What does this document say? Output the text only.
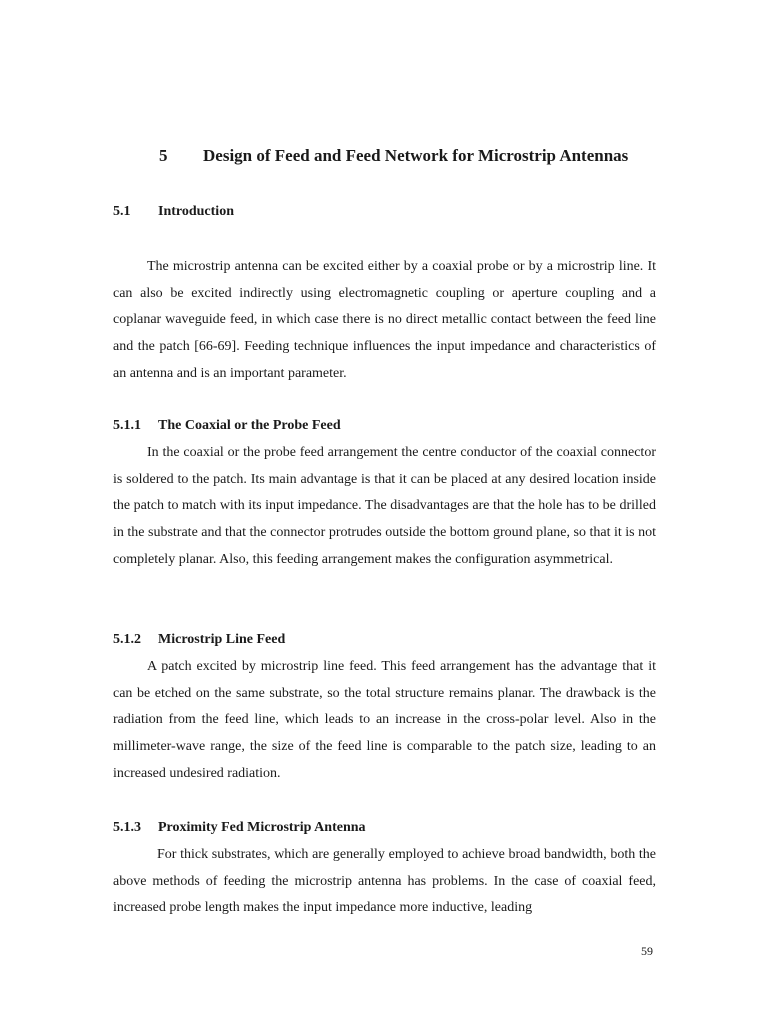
5 Design of Feed and Feed Network for Microstrip Antennas
5.1 Introduction

The microstrip antenna can be excited either by a coaxial probe or by a microstrip line. It can also be excited indirectly using electromagnetic coupling or aperture coupling and a coplanar waveguide feed, in which case there is no direct metallic contact between the feed line and the patch [66-69]. Feeding technique influences the input impedance and characteristics of an antenna and is an important parameter.

5.1.1 The Coaxial or the Probe Feed

In the coaxial or the probe feed arrangement the centre conductor of the coaxial connector is soldered to the patch. Its main advantage is that it can be placed at any desired location inside the patch to match with its input impedance. The disadvantages are that the hole has to be drilled in the substrate and that the connector protrudes outside the bottom ground plane, so that it is not completely planar. Also, this feeding arrangement makes the configuration asymmetrical.

5.1.2 Microstrip Line Feed

A patch excited by microstrip line feed. This feed arrangement has the advantage that it can be etched on the same substrate, so the total structure remains planar. The drawback is the radiation from the feed line, which leads to an increase in the cross-polar level. Also in the millimeter-wave range, the size of the feed line is comparable to the patch size, leading to an increased undesired radiation.

5.1.3 Proximity Fed Microstrip Antenna

For thick substrates, which are generally employed to achieve broad bandwidth, both the above methods of feeding the microstrip antenna has problems. In the case of coaxial feed, increased probe length makes the input impedance more inductive, leading

59
